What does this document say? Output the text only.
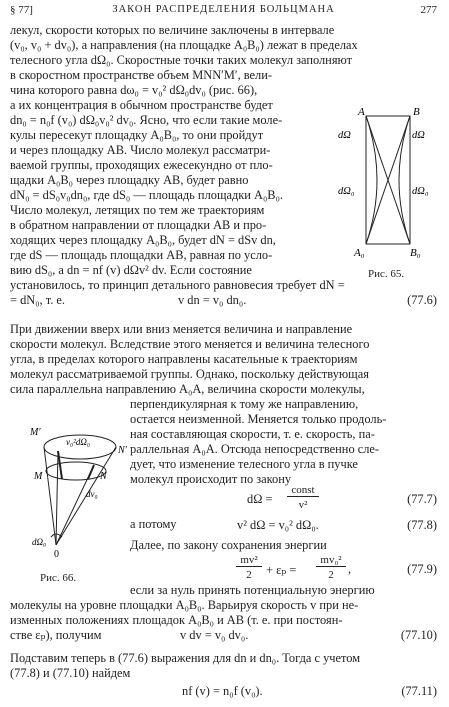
§ 77]	ЗАКОН РАСПРЕДЕЛЕНИЯ БОЛЬЦМАНА	277
лекул, скорости которых по величине заключены в интервале
(v₀, v₀ + dv₀), а направления (на площадке A₀B₀) лежат в пределах
телесного угла dΩ₀. Скоростные точки таких молекул заполняют
в скоростном пространстве объем MNN′M′, вели-
чина которого равна dω₀ = v₀² dΩ₀dv₀ (рис. 66),
а их концентрация в обычном пространстве будет
dn₀ = n₀f (v₀) dΩ₀v₀² dv₀. Ясно, что если такие моле-
кулы пересекут площадку A₀B₀, то они пройдут
и через площадку AB. Число молекул рассматри-
ваемой группы, проходящих ежесекундно от пло-
щадки A₀B₀ через площадку AB, будет равно
dN₀ = dS₀v₀dn₀, где dS₀ — площадь площадки A₀B₀.
Число молекул, летящих по тем же траекториям
в обратном направлении от площадки AB и про-
ходящих через площадку A₀B₀, будет dN = dSv dn,
где dS — площадь площадки AB, равная по усло-
вию dS₀, а dn = nf (v) dΩv² dv. Если состояние
установилось, то принцип детального равновесия требует dN =
= dN₀, т. е.	v dn = v₀ dn₀.	(77.6)
A	B
dΩ	dΩ
dΩ₀	dΩ₀
A₀	B₀
Рис. 65.
При движении вверх или вниз меняется величина и направление
скорости молекул. Вследствие этого меняется и величина телесного
угла, в пределах которого направлены касательные к траекториям
молекул рассматриваемой группы. Однако, поскольку действующая
сила параллельна направлению A₀A, величина скорости молекулы,
перпендикулярная к тому же направлению,
остается неизменной. Меняется только продоль-
ная составляющая скорости, т. е. скорость, па-
раллельная A₀A. Отсюда непосредственно сле-
дует, что изменение телесного угла в пучке
молекул происходит по закону
dΩ =
const
v²	(77.7)
а потому	v² dΩ = v₀² dΩ₀.	(77.8)
Далее, по закону сохранения энергии
mv²
2	+ εₚ =
mv₀²
2	,	(77.9)
M′
N′
M	N
v₀²dΩ₀
dv₀
dΩ₀
0
Рис. 66.
если за нуль принять потенциальную энергию
молекулы на уровне площадки A₀B₀. Варьируя скорость v при не-
изменных положениях площадок A₀B₀ и AB (т. е. при постоян-
стве εₚ), получим	v dv = v₀ dv₀.	(77.10)
Подставим теперь в (77.6) выражения для dn и dn₀. Тогда с учетом
(77.8) и (77.10) найдем
nf (v) = n₀f (v₀).	(77.11)
